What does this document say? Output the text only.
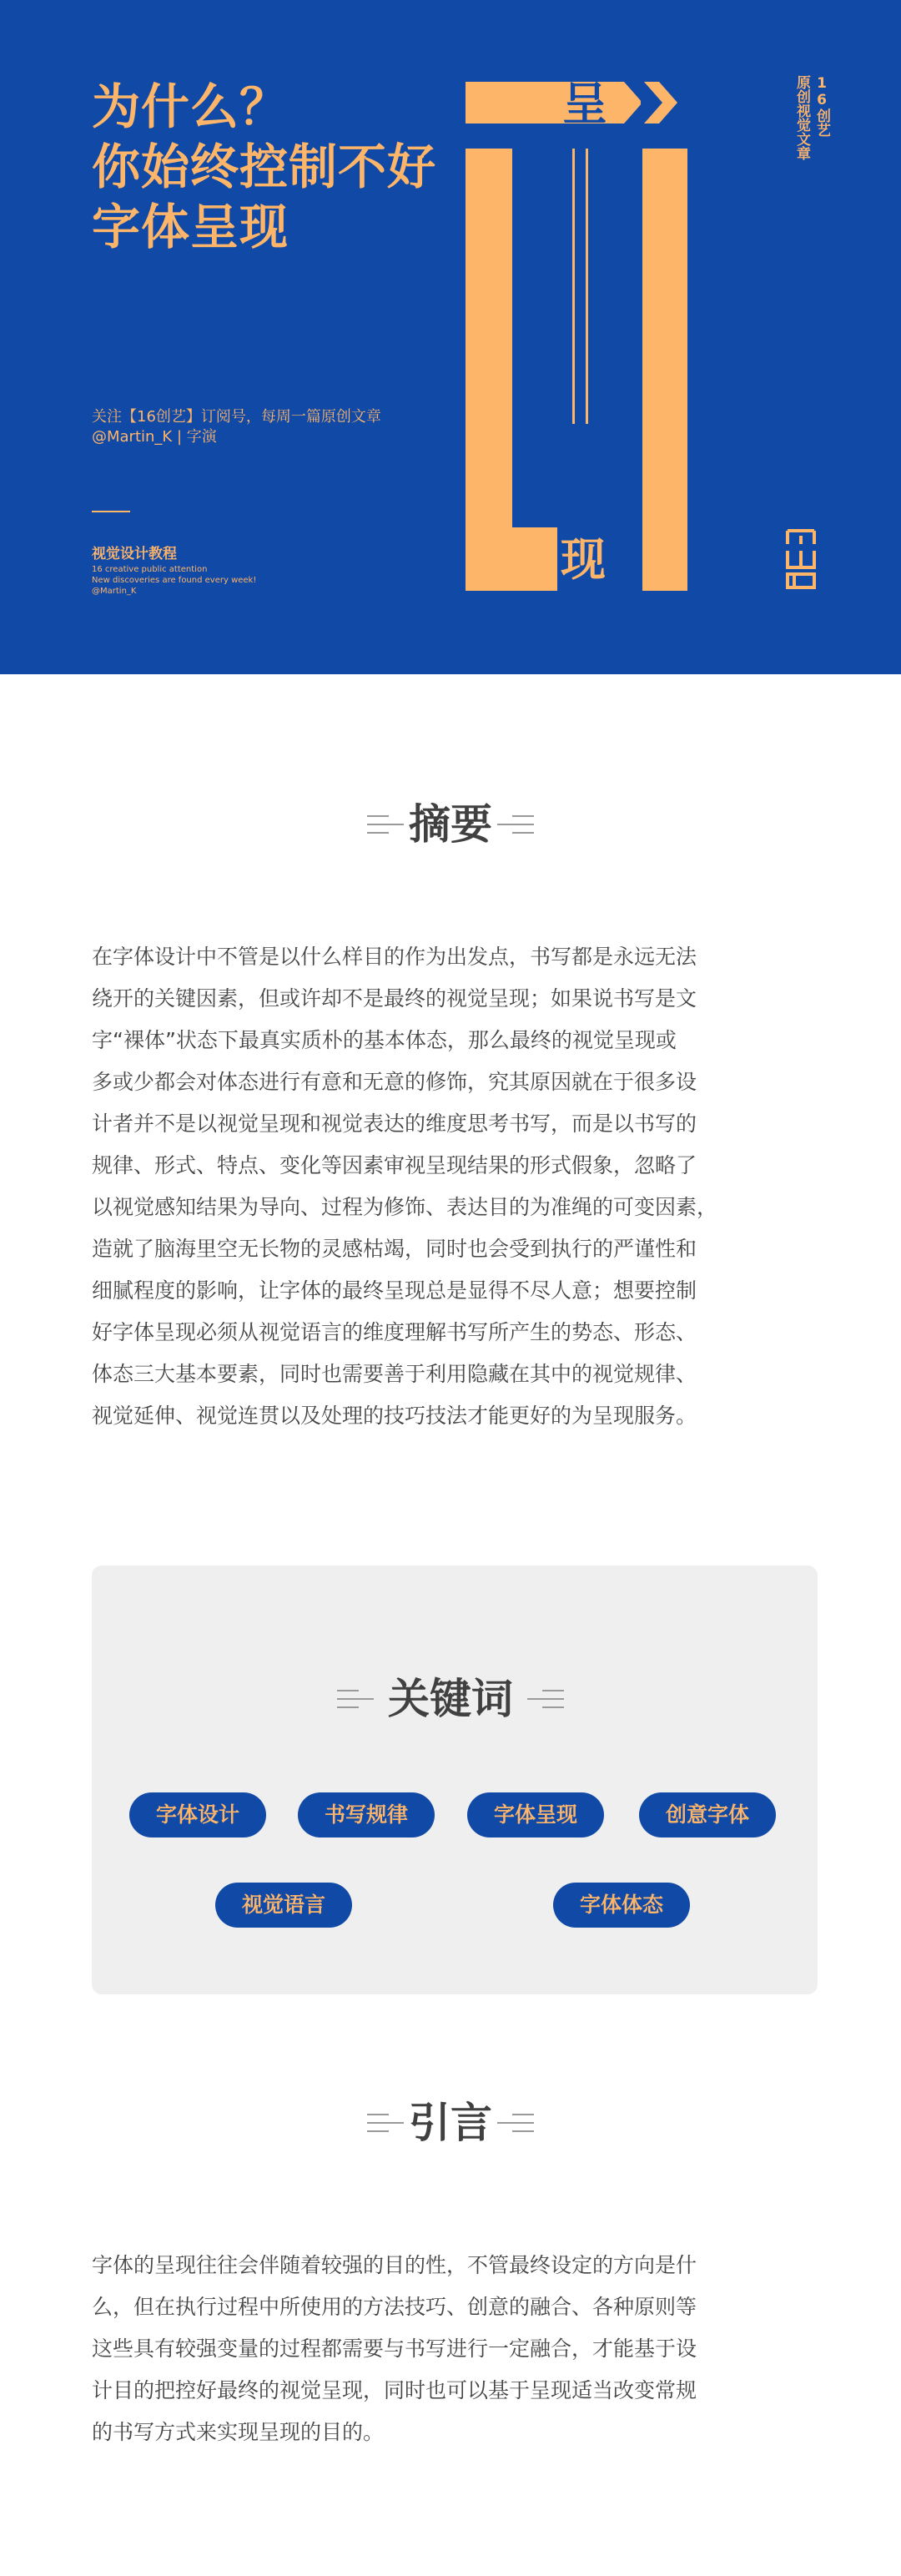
为什么？
你始终控制不好
字体呈现
呈
现
16创艺
原创视觉文章
关注【16创艺】订阅号，每周一篇原创文章
@Martin_K | 字演
视觉设计教程
16 creative public attention
New discoveries are found every week!
@Martin_K
摘要

在字体设计中不管是以什么样目的作为出发点，书写都是永远无法
绕开的关键因素，但或许却不是最终的视觉呈现；如果说书写是文
字“裸体”状态下最真实质朴的基本体态，那么最终的视觉呈现或
多或少都会对体态进行有意和无意的修饰，究其原因就在于很多设
计者并不是以视觉呈现和视觉表达的维度思考书写，而是以书写的
规律、形式、特点、变化等因素审视呈现结果的形式假象，忽略了
以视觉感知结果为导向、过程为修饰、表达目的为准绳的可变因素，
造就了脑海里空无长物的灵感枯竭，同时也会受到执行的严谨性和
细腻程度的影响，让字体的最终呈现总是显得不尽人意；想要控制
好字体呈现必须从视觉语言的维度理解书写所产生的势态、形态、
体态三大基本要素，同时也需要善于利用隐藏在其中的视觉规律、
视觉延伸、视觉连贯以及处理的技巧技法才能更好的为呈现服务。

关键词
字体设计	书写规律	字体呈现	创意字体
视觉语言	字体体态
引言

字体的呈现往往会伴随着较强的目的性，不管最终设定的方向是什
么，但在执行过程中所使用的方法技巧、创意的融合、各种原则等
这些具有较强变量的过程都需要与书写进行一定融合，才能基于设
计目的把控好最终的视觉呈现，同时也可以基于呈现适当改变常规
的书写方式来实现呈现的目的。
